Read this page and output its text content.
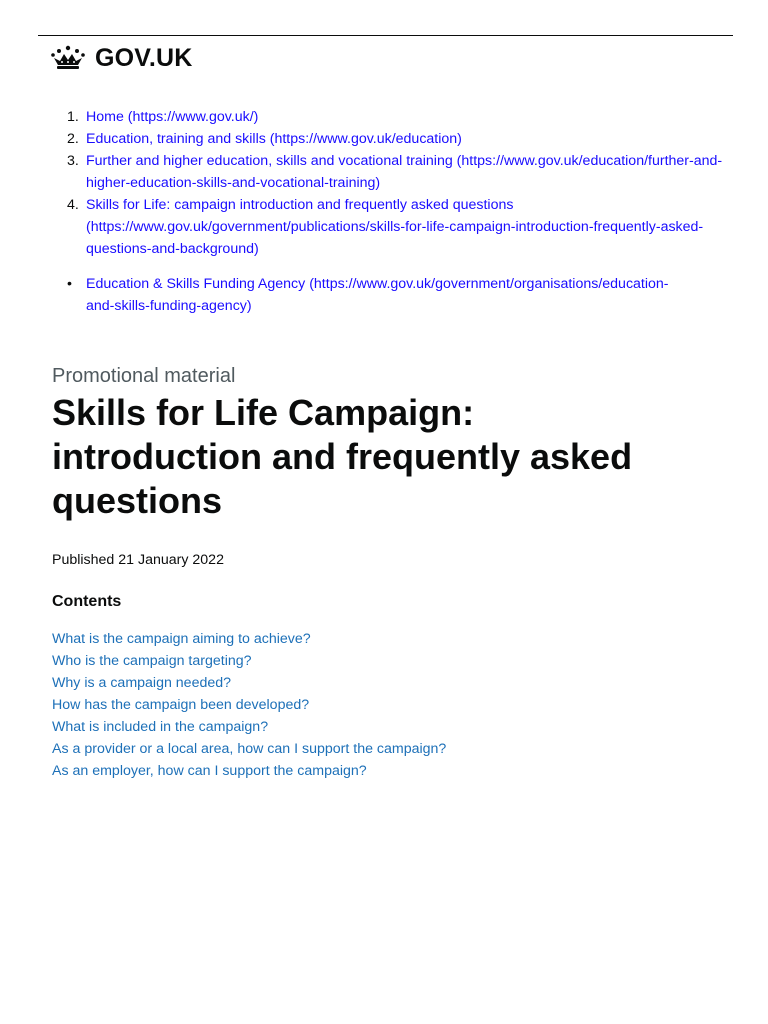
GOV.UK
1. Home (https://www.gov.uk/)
2. Education, training and skills (https://www.gov.uk/education)
3. Further and higher education, skills and vocational training (https://www.gov.uk/education/further-and-higher-education-skills-and-vocational-training)
4. Skills for Life: campaign introduction and frequently asked questions (https://www.gov.uk/government/publications/skills-for-life-campaign-introduction-frequently-asked-questions-and-background)
• Education & Skills Funding Agency (https://www.gov.uk/government/organisations/education-and-skills-funding-agency)

Promotional material

Skills for Life Campaign: introduction and frequently asked questions

Published 21 January 2022

Contents
What is the campaign aiming to achieve?
Who is the campaign targeting?
Why is a campaign needed?
How has the campaign been developed?
What is included in the campaign?
As a provider or a local area, how can I support the campaign?
As an employer, how can I support the campaign?
